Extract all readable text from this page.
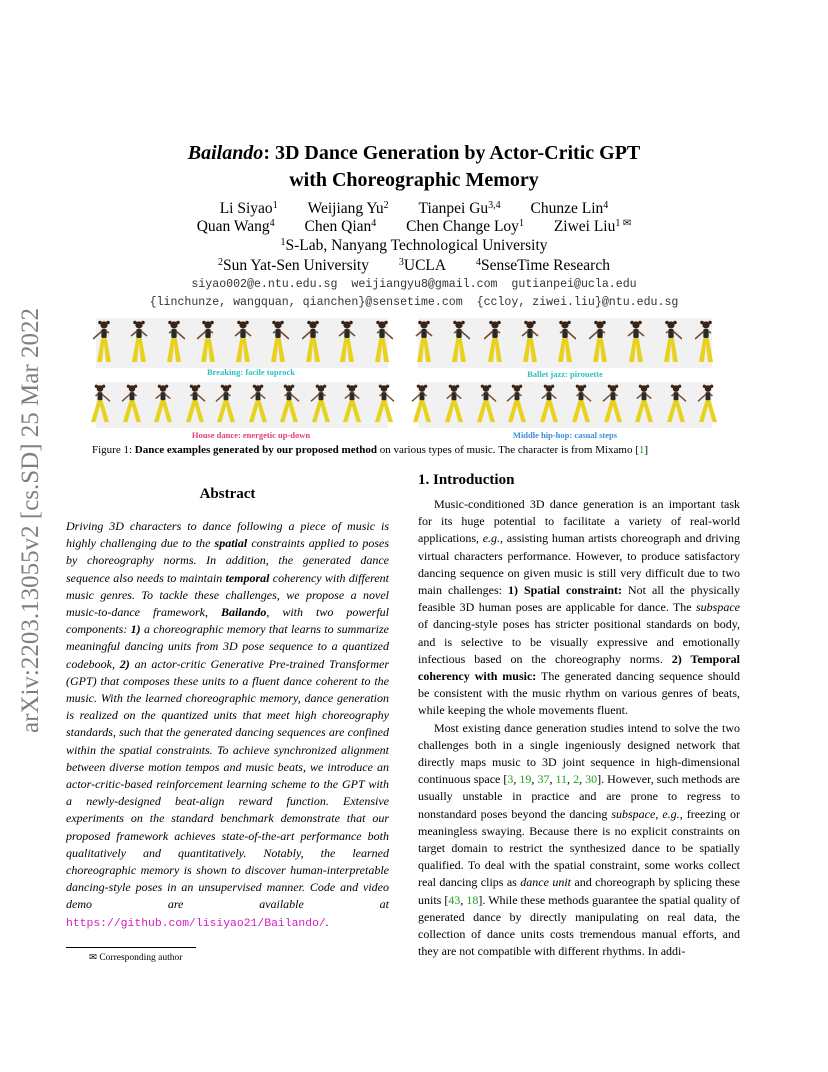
arXiv:2203.13055v2 [cs.SD] 25 Mar 2022
Bailando: 3D Dance Generation by Actor-Critic GPT
with Choreographic Memory
Li Siyao$^1$ Weijiang Yu$^2$ Tianpei Gu$^{3,4}$ Chunze Lin$^4$
Quan Wang$^4$ Chen Qian$^4$ Chen Change Loy$^1$ Ziwei Liu$^{1 ✉}$
$^1$S-Lab, Nanyang Technological University
$^2$Sun Yat-Sen University	$^3$UCLA	$^4$SenseTime Research
siyao002@e.ntu.edu.sg  weijiangyu8@gmail.com  gutianpei@ucla.edu
{linchunze, wangquan, qianchen}@sensetime.com  {ccloy, ziwei.liu}@ntu.edu.sg
Breaking: facile toprock	Ballet jazz: pirouette
House dance: energetic up-down	Middle hip-hop: casual steps
Figure 1: Dance examples generated by our proposed method on various types of music. The character is from Mixamo [1]
Abstract
Driving 3D characters to dance following a piece of music is highly challenging due to the spatial constraints applied to poses by choreography norms. In addition, the generated dance sequence also needs to maintain temporal coherency with different music genres. To tackle these challenges, we propose a novel music-to-dance framework, Bailando, with two powerful components: 1) a choreographic memory that learns to summarize meaningful dancing units from 3D pose sequence to a quantized codebook, 2) an actor-critic Generative Pre-trained Transformer (GPT) that composes these units to a fluent dance coherent to the music. With the learned choreographic memory, dance generation is realized on the quantized units that meet high choreography standards, such that the generated dancing sequences are confined within the spatial constraints. To achieve synchronized alignment between diverse motion tempos and music beats, we introduce an actor-critic-based reinforcement learning scheme to the GPT with a newly-designed beat-align reward function. Extensive experiments on the standard benchmark demonstrate that our proposed framework achieves state-of-the-art performance both qualitatively and quantitatively. Notably, the learned choreographic memory is shown to discover human-interpretable dancing-style poses in an unsupervised manner. Code and video demo are available at https://github.com/lisiyao21/Bailando/.
✉ Corresponding author
1. Introduction

Music-conditioned 3D dance generation is an important task for its huge potential to facilitate a variety of real-world applications, e.g., assisting human artists choreograph and driving virtual characters performance. However, to produce satisfactory dancing sequence on given music is still very difficult due to two main challenges: 1) Spatial constraint: Not all the physically feasible 3D human poses are applicable for dance. The subspace of dancing-style poses has stricter positional standards on body, and is selective to be visually expressive and emotionally infectious based on the choreography norms. 2) Temporal coherency with music: The generated dancing sequence should be consistent with the music rhythm on various genres of beats, while keeping the whole movements fluent.

Most existing dance generation studies intend to solve the two challenges both in a single ingeniously designed network that directly maps music to 3D joint sequence in high-dimensional continuous space [3, 19, 37, 11, 2, 30]. However, such methods are usually unstable in practice and are prone to regress to nonstandard poses beyond the dancing subspace, e.g., freezing or meaningless swaying. Because there is no explicit constraints on target domain to restrict the synthesized dance to be spatially qualified. To deal with the spatial constraint, some works collect real dancing clips as dance unit and choreograph by splicing these units [43, 18]. While these methods guarantee the spatial quality of generated dance by directly manipulating on real data, the collection of dance units costs tremendous manual efforts, and they are not compatible with different rhythms. In addi-
